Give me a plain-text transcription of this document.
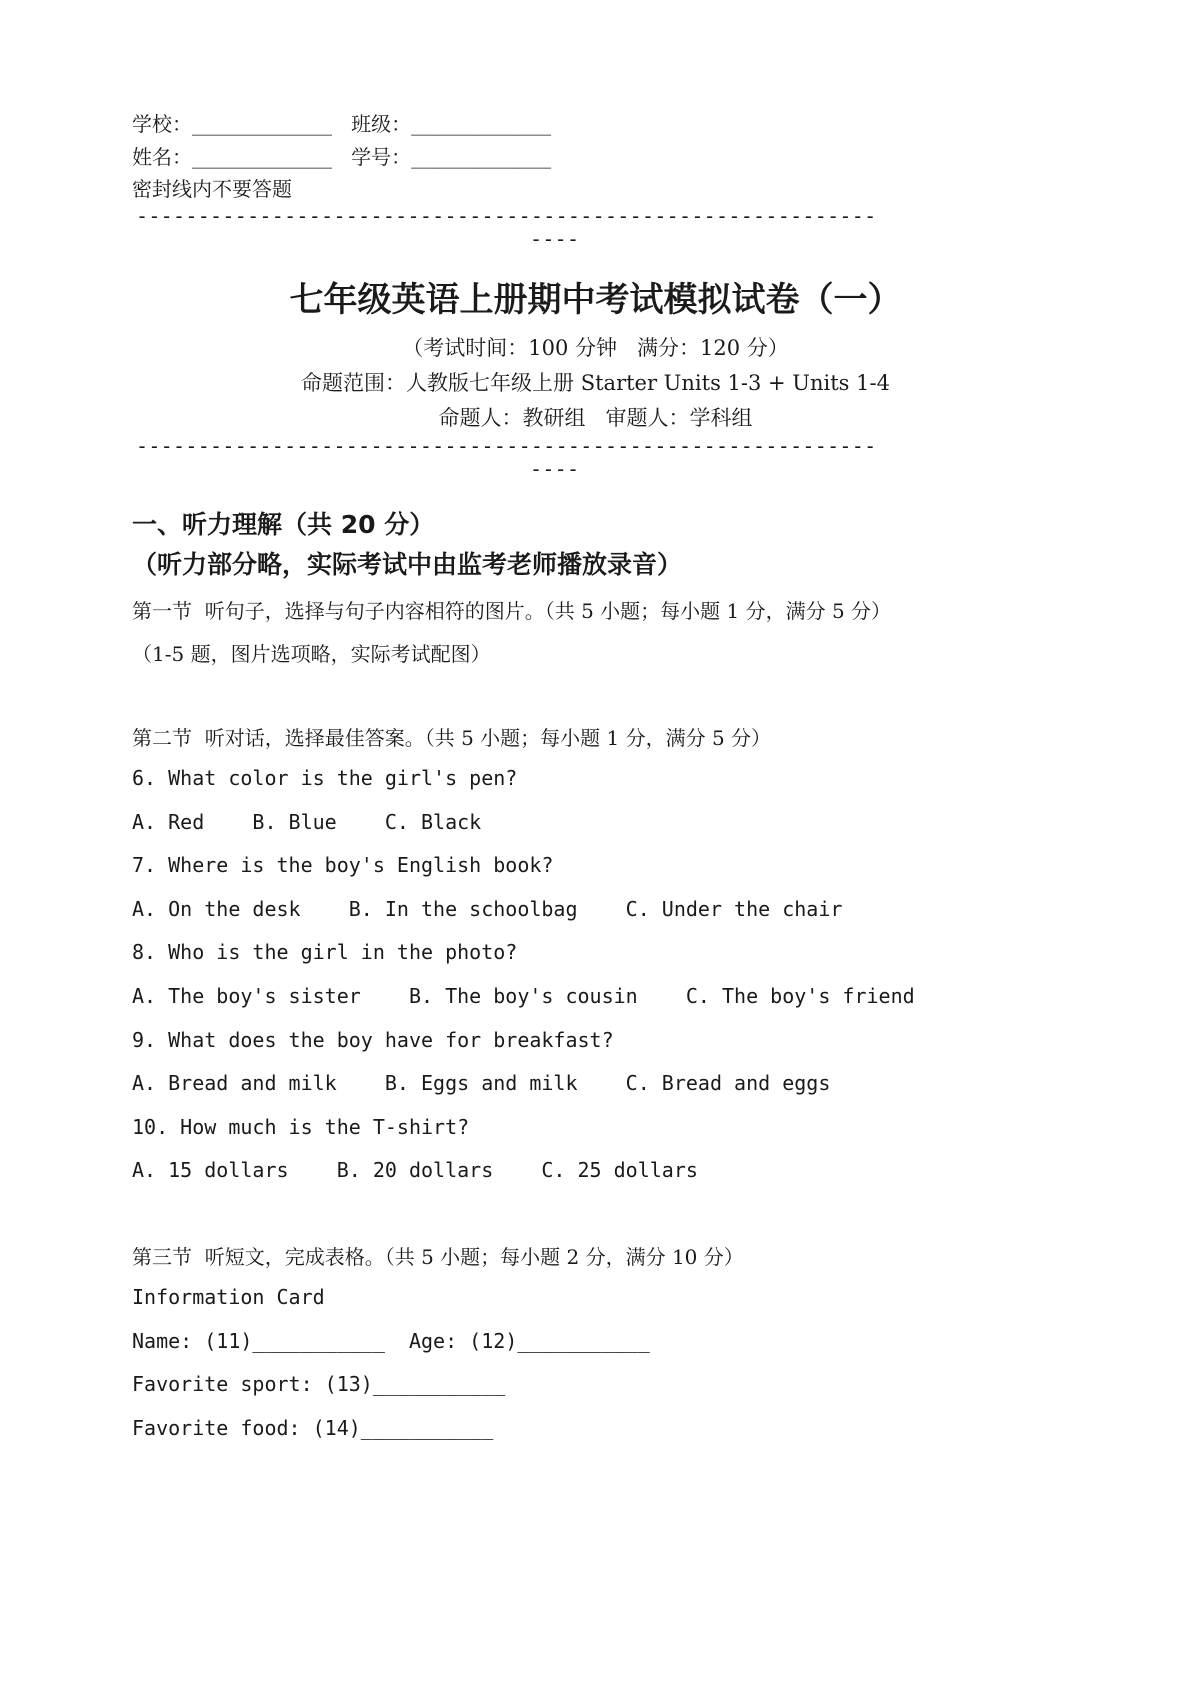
学校：______________   班级：______________
姓名：______________   学号：______________
密封线内不要答题
------------------------------------------------------------
----
七年级英语上册期中考试模拟试卷（一）
（考试时间：100 分钟   满分：120 分）
命题范围：人教版七年级上册 Starter Units 1-3 + Units 1-4
命题人：教研组   审题人：学科组
------------------------------------------------------------
----
一、听力理解（共 20 分）
（听力部分略，实际考试中由监考老师播放录音）
第一节  听句子，选择与句子内容相符的图片。（共 5 小题；每小题 1 分，满分 5 分）
（1-5 题，图片选项略，实际考试配图）
第二节  听对话，选择最佳答案。（共 5 小题；每小题 1 分，满分 5 分）
6. What color is the girl's pen?
A. Red    B. Blue    C. Black
7. Where is the boy's English book?
A. On the desk    B. In the schoolbag    C. Under the chair
8. Who is the girl in the photo?
A. The boy's sister    B. The boy's cousin    C. The boy's friend
9. What does the boy have for breakfast?
A. Bread and milk    B. Eggs and milk    C. Bread and eggs
10. How much is the T-shirt?
A. 15 dollars    B. 20 dollars    C. 25 dollars
第三节  听短文，完成表格。（共 5 小题；每小题 2 分，满分 10 分）
Information Card
Name: (11)___________  Age: (12)___________
Favorite sport: (13)___________
Favorite food: (14)___________
